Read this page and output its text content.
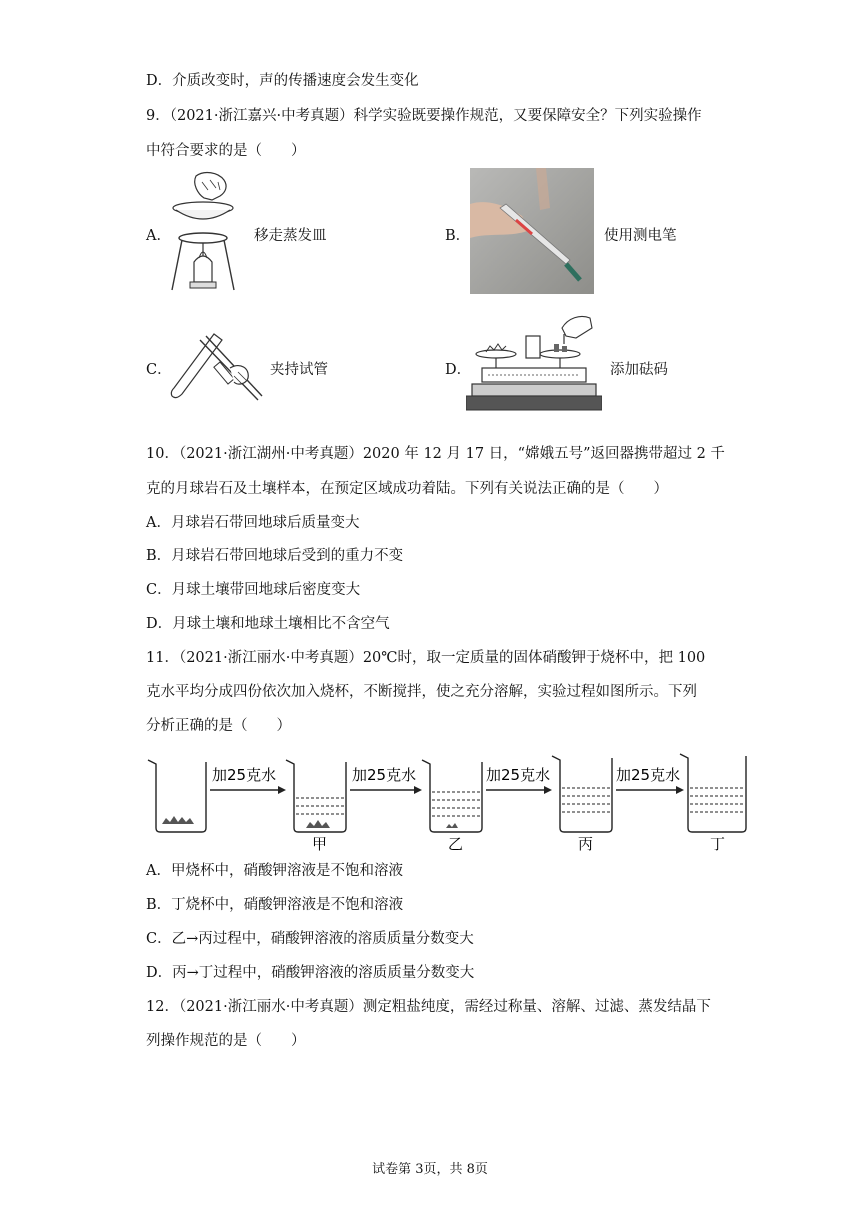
D．介质改变时，声的传播速度会发生变化
9．（2021·浙江嘉兴·中考真题）科学实验既要操作规范，又要保障安全？下列实验操作
中符合要求的是（　　）
A．	移走蒸发皿	B．	使用测电笔
C．	夹持试管	D．	添加砝码
10．（2021·浙江湖州·中考真题）2020 年 12 月 17 日，“嫦娥五号”返回器携带超过 2 千
克的月球岩石及土壤样本，在预定区域成功着陆。下列有关说法正确的是（　　）
A．月球岩石带回地球后质量变大
B．月球岩石带回地球后受到的重力不变
C．月球土壤带回地球后密度变大
D．月球土壤和地球土壤相比不含空气
11．（2021·浙江丽水·中考真题）20℃时，取一定质量的固体硝酸钾于烧杯中，把 100
克水平均分成四份依次加入烧杯，不断搅拌，使之充分溶解，实验过程如图所示。下列
分析正确的是（　　）
加25克水
甲
加25克水
乙
加25克水
丙
加25克水
丁
A．甲烧杯中，硝酸钾溶液是不饱和溶液
B．丁烧杯中，硝酸钾溶液是不饱和溶液
C．乙→丙过程中，硝酸钾溶液的溶质质量分数变大
D．丙→丁过程中，硝酸钾溶液的溶质质量分数变大
12．（2021·浙江丽水·中考真题）测定粗盐纯度，需经过称量、溶解、过滤、蒸发结晶下
列操作规范的是（　　）
试卷第 3页，共 8页
